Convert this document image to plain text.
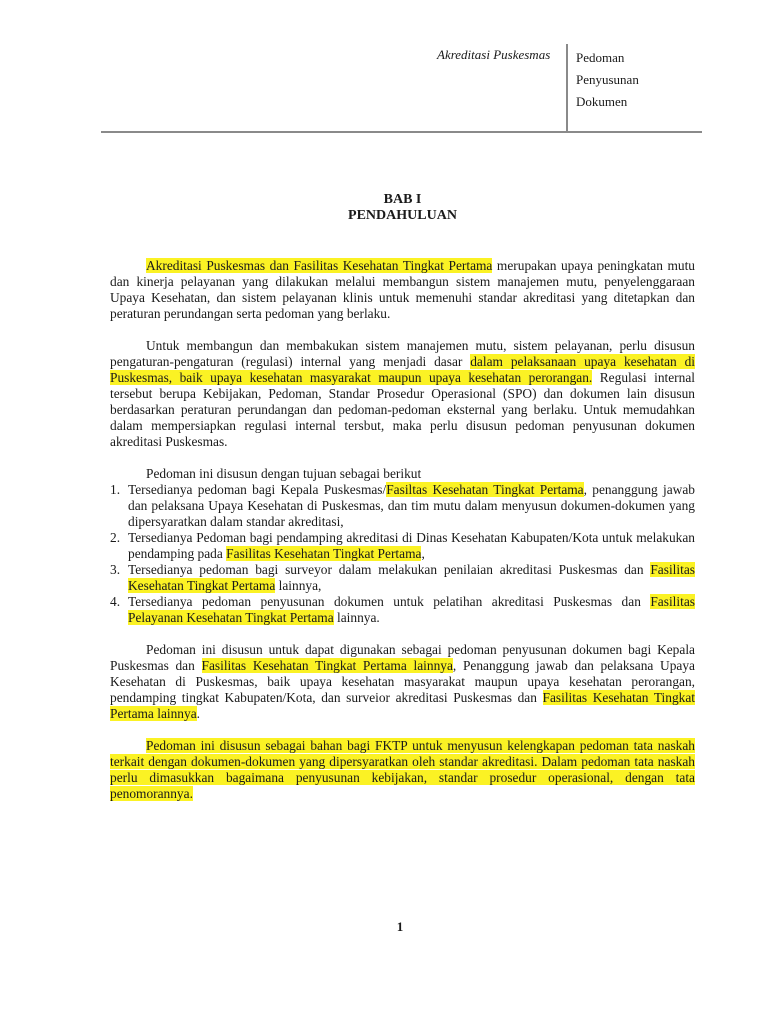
Akreditasi Puskesmas	Pedoman
Penyusunan
Dokumen
BAB I
PENDAHULUAN

Akreditasi Puskesmas dan Fasilitas Kesehatan Tingkat Pertama merupakan upaya peningkatan mutu dan kinerja pelayanan yang dilakukan melalui membangun sistem manajemen mutu, penyelenggaraan Upaya Kesehatan, dan sistem pelayanan klinis untuk memenuhi standar akreditasi yang ditetapkan dan peraturan perundangan serta pedoman yang berlaku.

Untuk membangun dan membakukan sistem manajemen mutu, sistem pelayanan, perlu disusun pengaturan-pengaturan (regulasi) internal yang menjadi dasar dalam pelaksanaan upaya kesehatan di Puskesmas, baik upaya kesehatan masyarakat maupun upaya kesehatan perorangan. Regulasi internal tersebut berupa Kebijakan, Pedoman, Standar Prosedur Operasional (SPO) dan dokumen lain disusun berdasarkan peraturan perundangan dan pedoman-pedoman eksternal yang berlaku. Untuk memudahkan dalam mempersiapkan regulasi internal tersbut, maka perlu disusun pedoman penyusunan dokumen akreditasi Puskesmas.

Pedoman ini disusun dengan tujuan sebagai berikut
1. Tersedianya pedoman bagi Kepala Puskesmas/Fasiltas Kesehatan Tingkat Pertama, penanggung jawab dan pelaksana Upaya Kesehatan di Puskesmas, dan tim mutu dalam menyusun dokumen-dokumen yang dipersyaratkan dalam standar akreditasi,
2. Tersedianya Pedoman bagi pendamping akreditasi di Dinas Kesehatan Kabupaten/Kota untuk melakukan pendamping pada Fasilitas Kesehatan Tingkat Pertama,
3. Tersedianya pedoman bagi surveyor dalam melakukan penilaian akreditasi Puskesmas dan Fasilitas Kesehatan Tingkat Pertama lainnya,
4. Tersedianya pedoman penyusunan dokumen untuk pelatihan akreditasi Puskesmas dan Fasilitas Pelayanan Kesehatan Tingkat Pertama lainnya.

Pedoman ini disusun untuk dapat digunakan sebagai pedoman penyusunan dokumen bagi Kepala Puskesmas dan Fasilitas Kesehatan Tingkat Pertama lainnya, Penanggung jawab dan pelaksana Upaya Kesehatan di Puskesmas, baik upaya kesehatan masyarakat maupun upaya kesehatan perorangan, pendamping tingkat Kabupaten/Kota, dan surveior akreditasi Puskesmas dan Fasilitas Kesehatan Tingkat Pertama lainnya.

Pedoman ini disusun sebagai bahan bagi FKTP untuk menyusun kelengkapan pedoman tata naskah terkait dengan dokumen-dokumen yang dipersyaratkan oleh standar akreditasi. Dalam pedoman tata naskah perlu dimasukkan bagaimana penyusunan kebijakan, standar prosedur operasional, dengan tata penomorannya.

1
